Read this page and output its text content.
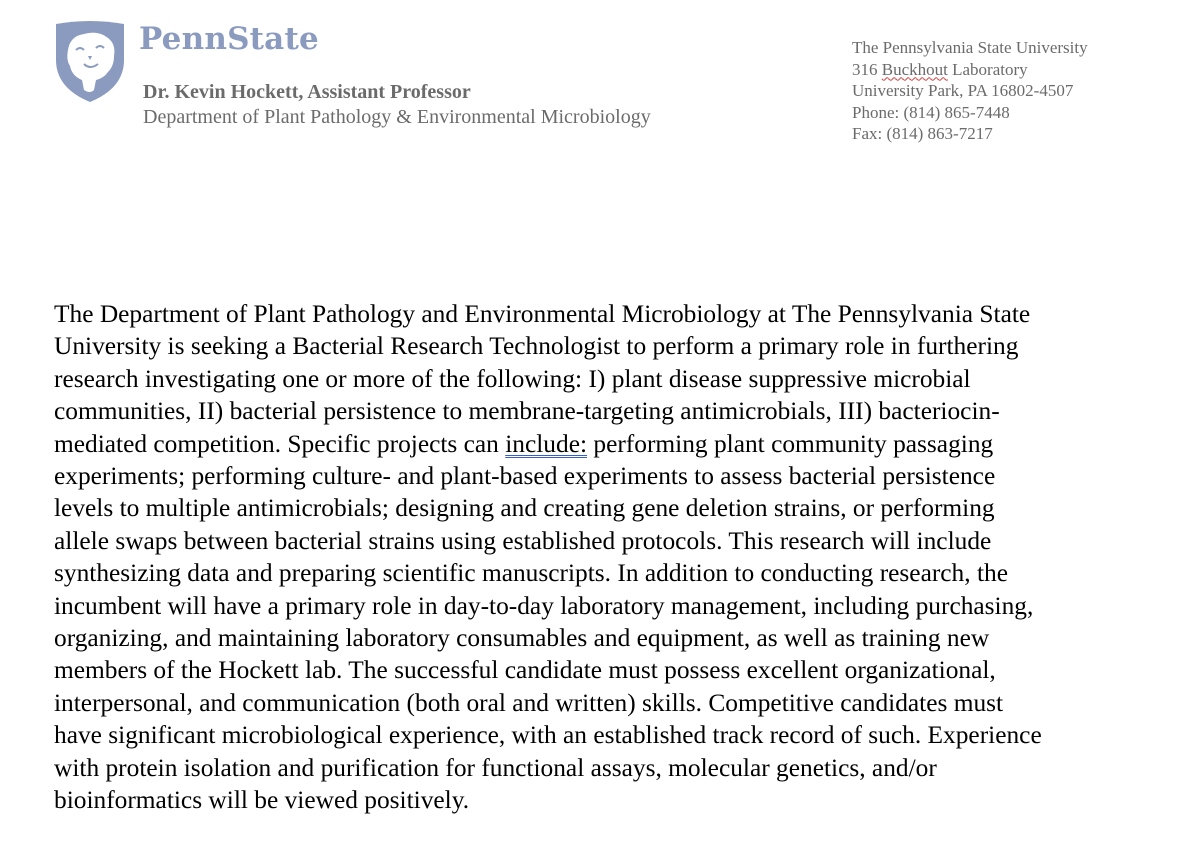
PennState
Dr. Kevin Hockett, Assistant Professor
Department of Plant Pathology & Environmental Microbiology
The Pennsylvania State University
316 Buckhout Laboratory
University Park, PA 16802-4507
Phone: (814) 865-7448
Fax: (814) 863-7217
The Department of Plant Pathology and Environmental Microbiology at The Pennsylvania State
University is seeking a Bacterial Research Technologist to perform a primary role in furthering
research investigating one or more of the following: I) plant disease suppressive microbial
communities, II) bacterial persistence to membrane-targeting antimicrobials, III) bacteriocin-
mediated competition. Specific projects can include: performing plant community passaging
experiments; performing culture- and plant-based experiments to assess bacterial persistence
levels to multiple antimicrobials; designing and creating gene deletion strains, or performing
allele swaps between bacterial strains using established protocols. This research will include
synthesizing data and preparing scientific manuscripts. In addition to conducting research, the
incumbent will have a primary role in day-to-day laboratory management, including purchasing,
organizing, and maintaining laboratory consumables and equipment, as well as training new
members of the Hockett lab. The successful candidate must possess excellent organizational,
interpersonal, and communication (both oral and written) skills. Competitive candidates must
have significant microbiological experience, with an established track record of such. Experience
with protein isolation and purification for functional assays, molecular genetics, and/or
bioinformatics will be viewed positively.
